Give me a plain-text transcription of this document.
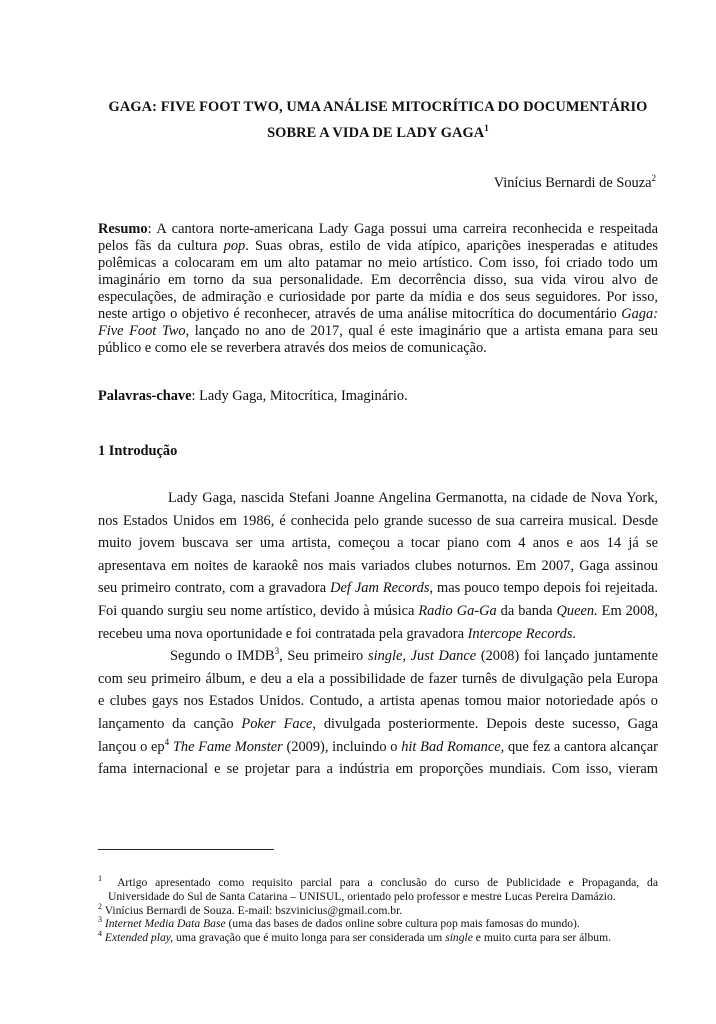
GAGA: FIVE FOOT TWO, UMA ANÁLISE MITOCRÍTICA DO DOCUMENTÁRIO
SOBRE A VIDA DE LADY GAGA$^1$
Vinícius Bernardi de Souza$^2$
Resumo: A cantora norte-americana Lady Gaga possui uma carreira reconhecida e respeitada pelos fãs da cultura pop. Suas obras, estilo de vida atípico, aparições inesperadas e atitudes polêmicas a colocaram em um alto patamar no meio artístico. Com isso, foi criado todo um imaginário em torno da sua personalidade. Em decorrência disso, sua vida virou alvo de especulações, de admiração e curiosidade por parte da mídia e dos seus seguidores. Por isso, neste artigo o objetivo é reconhecer, através de uma análise mitocrítica do documentário Gaga: Five Foot Two, lançado no ano de 2017, qual é este imaginário que a artista emana para seu público e como ele se reverbera através dos meios de comunicação.
Palavras-chave: Lady Gaga, Mitocrítica, Imaginário.
1 Introdução
Lady Gaga, nascida Stefani Joanne Angelina Germanotta, na cidade de Nova York,
nos Estados Unidos em 1986, é conhecida pelo grande sucesso de sua carreira musical. Desde
muito jovem buscava ser uma artista, começou a tocar piano com 4 anos e aos 14 já se
apresentava em noites de karaokê nos mais variados clubes noturnos. Em 2007, Gaga assinou
seu primeiro contrato, com a gravadora Def Jam Records, mas pouco tempo depois foi rejeitada.
Foi quando surgiu seu nome artístico, devido à música Radio Ga-Ga da banda Queen. Em 2008,
recebeu uma nova oportunidade e foi contratada pela gravadora Intercope Records.
Segundo o IMDB$^3$, Seu primeiro single, Just Dance (2008) foi lançado juntamente
com seu primeiro álbum, e deu a ela a possibilidade de fazer turnês de divulgação pela Europa
e clubes gays nos Estados Unidos. Contudo, a artista apenas tomou maior notoriedade após o
lançamento da canção Poker Face, divulgada posteriormente. Depois deste sucesso, Gaga
lançou o $ep^4$ The Fame Monster (2009), incluindo o hit Bad Romance, que fez a cantora alcançar
fama internacional e se projetar para a indústria em proporções mundiais. Com isso, vieram
$^1$ Artigo apresentado como requisito parcial para a conclusão do curso de Publicidade e Propaganda, da
Universidade do Sul de Santa Catarina – UNISUL, orientado pelo professor e mestre Lucas Pereira Damázio.
$^2$ Vinícius Bernardi de Souza. E-mail: bszvinicius@gmail.com.br.
$^3$ Internet Media Data Base (uma das bases de dados online sobre cultura pop mais famosas do mundo).
$^4$ Extended play, uma gravação que é muito longa para ser considerada um single e muito curta para ser álbum.
